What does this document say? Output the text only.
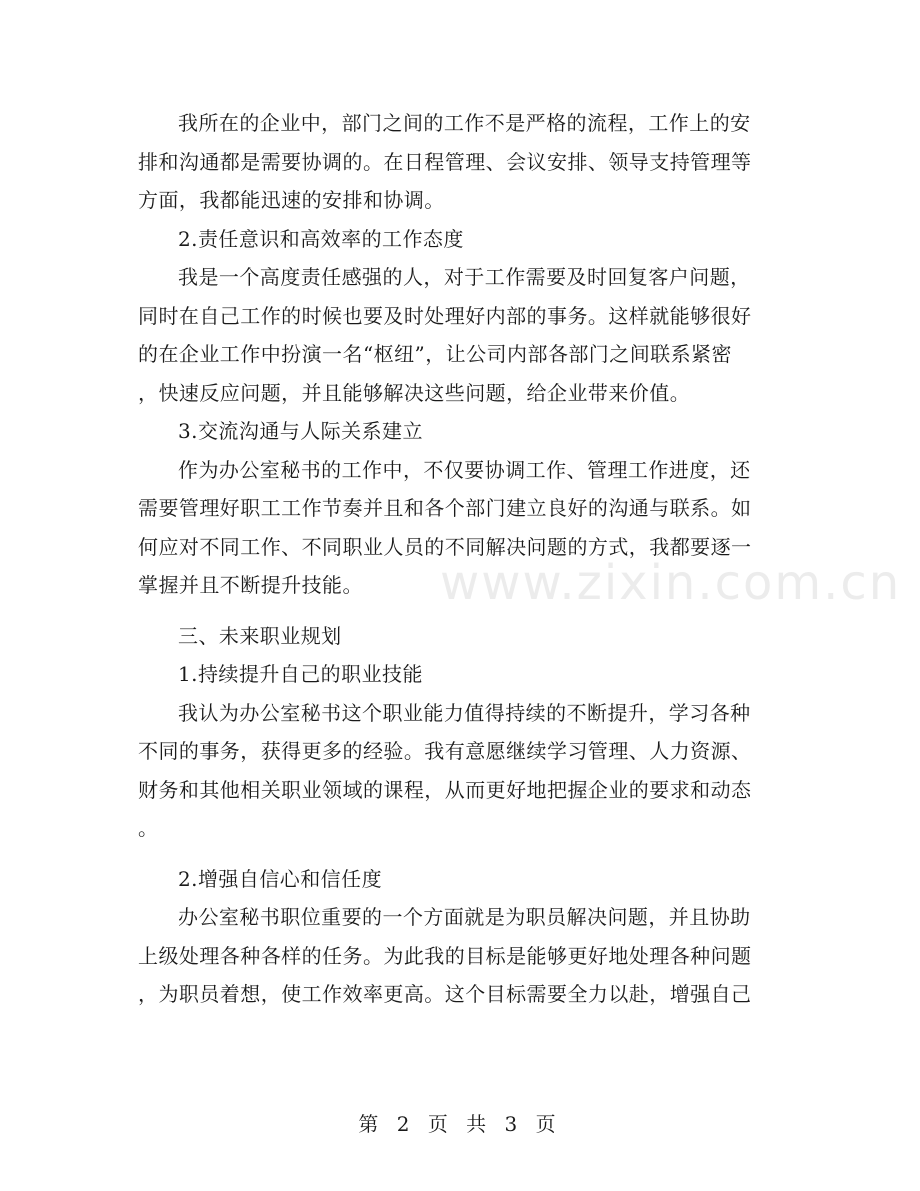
我所在的企业中，部门之间的工作不是严格的流程，工作上的安
排和沟通都是需要协调的。在日程管理、会议安排、领导支持管理等
方面，我都能迅速的安排和协调。

2.责任意识和高效率的工作态度

我是一个高度责任感强的人，对于工作需要及时回复客户问题，
同时在自己工作的时候也要及时处理好内部的事务。这样就能够很好
的在企业工作中扮演一名“枢纽”，让公司内部各部门之间联系紧密
，快速反应问题，并且能够解决这些问题，给企业带来价值。

3.交流沟通与人际关系建立

作为办公室秘书的工作中，不仅要协调工作、管理工作进度，还
需要管理好职工工作节奏并且和各个部门建立良好的沟通与联系。如
何应对不同工作、不同职业人员的不同解决问题的方式，我都要逐一
掌握并且不断提升技能。

三、未来职业规划

1.持续提升自己的职业技能

我认为办公室秘书这个职业能力值得持续的不断提升，学习各种
不同的事务，获得更多的经验。我有意愿继续学习管理、人力资源、
财务和其他相关职业领域的课程，从而更好地把握企业的要求和动态
。

2.增强自信心和信任度

办公室秘书职位重要的一个方面就是为职员解决问题，并且协助
上级处理各种各样的任务。为此我的目标是能够更好地处理各种问题
，为职员着想，使工作效率更高。这个目标需要全力以赴，增强自己

www.zixin.com.cn
第 2 页 共 3 页
